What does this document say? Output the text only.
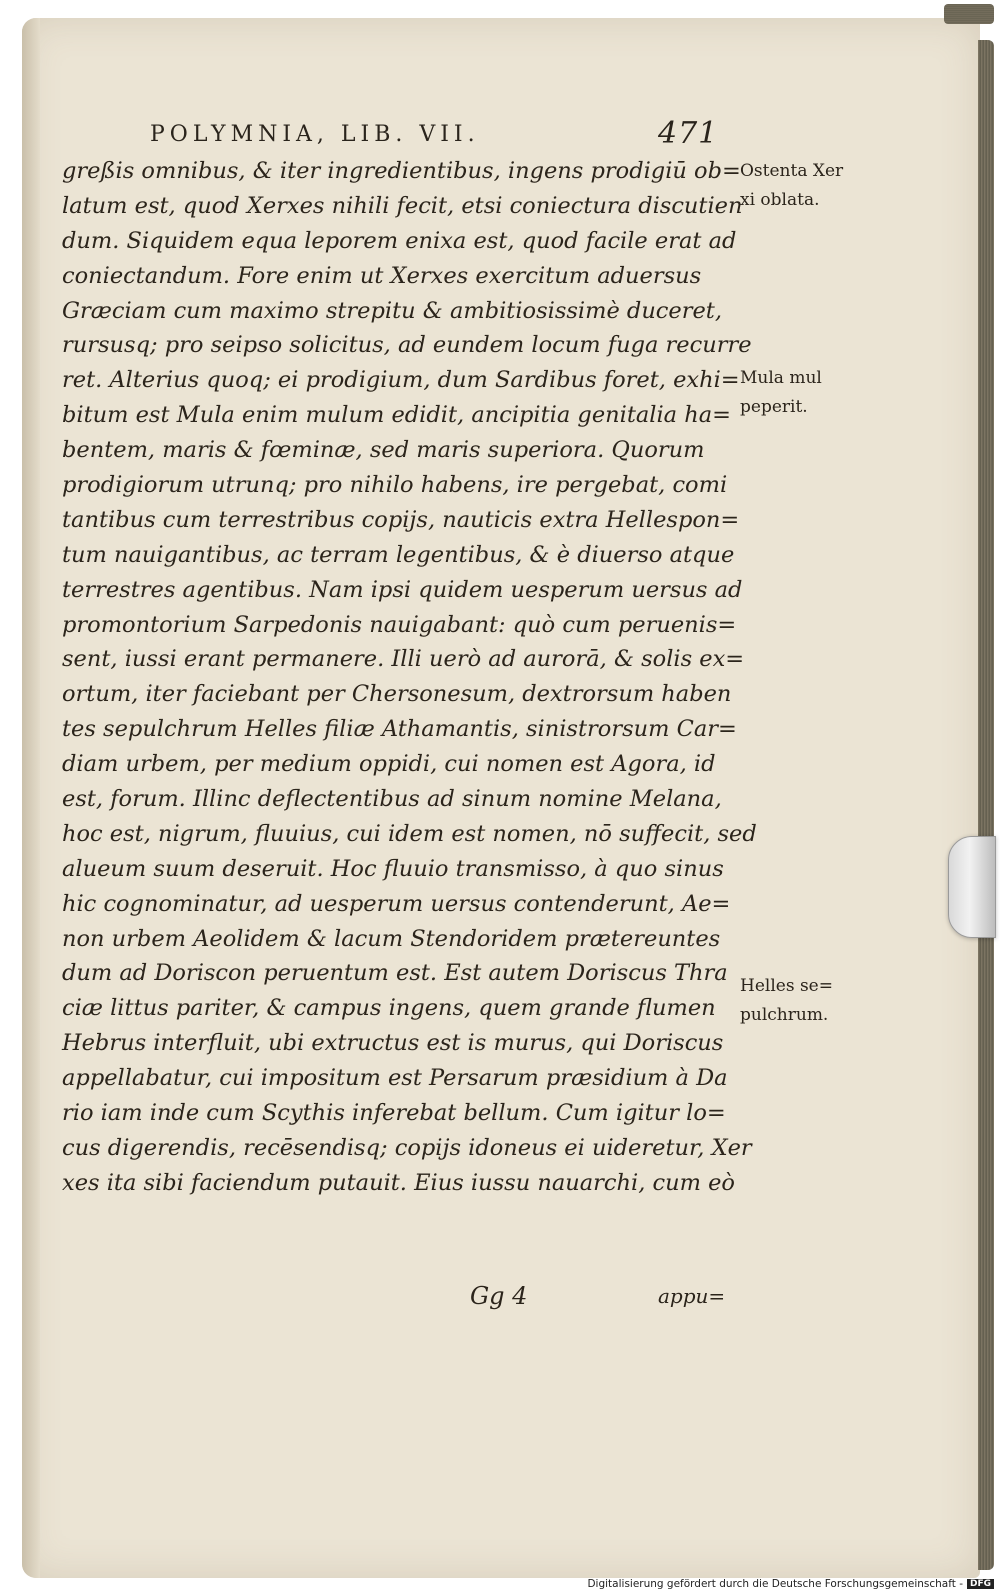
POLYMNIA, LIB. VII.	471
greßis omnibus, & iter ingredientibus, ingens prodigiū ob=
latum est, quod Xerxes nihili fecit, etsi coniectura discutien
dum. Siquidem equa leporem enixa est, quod facile erat ad
coniectandum. Fore enim ut Xerxes exercitum aduersus
Græciam cum maximo strepitu & ambitiosissimè duceret,
rursusq; pro seipso solicitus, ad eundem locum fuga recurre
ret. Alterius quoq; ei prodigium, dum Sardibus foret, exhi=
bitum est Mula enim mulum edidit, ancipitia genitalia ha=
bentem, maris & fœminæ, sed maris superiora. Quorum
prodigiorum utrunq; pro nihilo habens, ire pergebat, comi
tantibus cum terrestribus copijs, nauticis extra Hellespon=
tum nauigantibus, ac terram legentibus, & è diuerso atque
terrestres agentibus. Nam ipsi quidem uesperum uersus ad
promontorium Sarpedonis nauigabant: quò cum peruenis=
sent, iussi erant permanere. Illi uerò ad aurorā, & solis ex=
ortum, iter faciebant per Chersonesum, dextrorsum haben
tes sepulchrum Helles filiæ Athamantis, sinistrorsum Car=
diam urbem, per medium oppidi, cui nomen est Agora, id
est, forum. Illinc deflectentibus ad sinum nomine Melana,
hoc est, nigrum, fluuius, cui idem est nomen, nō suffecit, sed
alueum suum deseruit. Hoc fluuio transmisso, à quo sinus
hic cognominatur, ad uesperum uersus contenderunt, Ae=
non urbem Aeolidem & lacum Stendoridem prætereuntes
dum ad Doriscon peruentum est. Est autem Doriscus Thra
ciæ littus pariter, & campus ingens, quem grande flumen
Hebrus interfluit, ubi extructus est is murus, qui Doriscus
appellabatur, cui impositum est Persarum præsidium à Da
rio iam inde cum Scythis inferebat bellum. Cum igitur lo=
cus digerendis, recēsendisq; copijs idoneus ei uideretur, Xer
xes ita sibi faciendum putauit. Eius iussu nauarchi, cum eò
Ostenta Xer
xi oblata.
Mula mul
peperit.
Helles se=
pulchrum.
Gg 4	appu=
Digitalisierung gefördert durch die Deutsche Forschungsgemeinschaft - DFG
